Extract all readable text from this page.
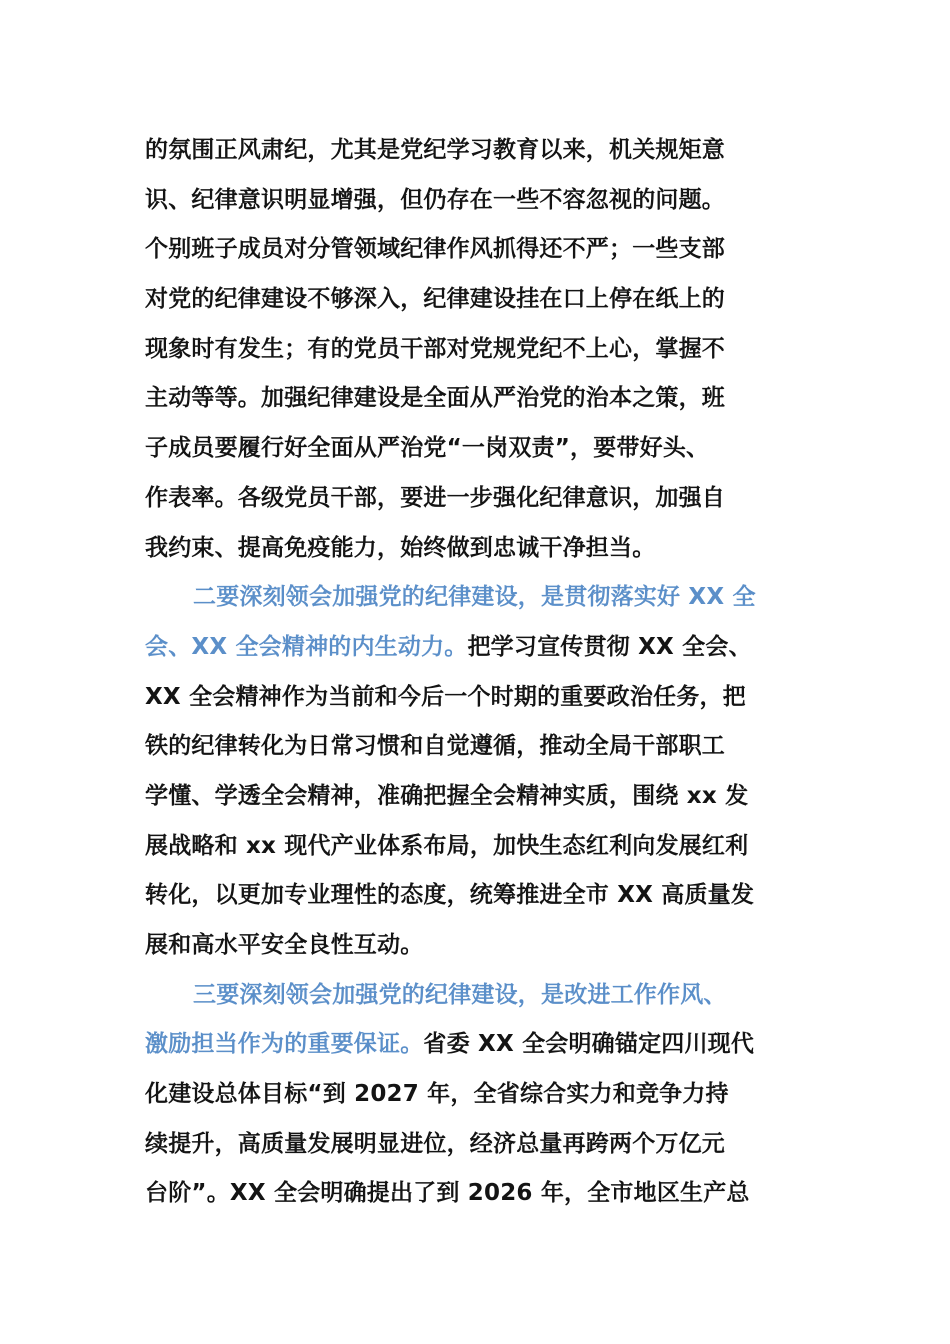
的氛围正风肃纪，尤其是党纪学习教育以来，机关规矩意
识、纪律意识明显增强，但仍存在一些不容忽视的问题。
个别班子成员对分管领域纪律作风抓得还不严；一些支部
对党的纪律建设不够深入，纪律建设挂在口上停在纸上的
现象时有发生；有的党员干部对党规党纪不上心，掌握不
主动等等。加强纪律建设是全面从严治党的治本之策，班
子成员要履行好全面从严治党“一岗双责”，要带好头、
作表率。各级党员干部，要进一步强化纪律意识，加强自
我约束、提高免疫能力，始终做到忠诚干净担当。
二要深刻领会加强党的纪律建设，是贯彻落实好 XX 全
会、XX 全会精神的内生动力。把学习宣传贯彻 XX 全会、
XX 全会精神作为当前和今后一个时期的重要政治任务，把
铁的纪律转化为日常习惯和自觉遵循，推动全局干部职工
学懂、学透全会精神，准确把握全会精神实质，围绕 xx 发
展战略和 xx 现代产业体系布局，加快生态红利向发展红利
转化，以更加专业理性的态度，统筹推进全市 XX 高质量发
展和高水平安全良性互动。
三要深刻领会加强党的纪律建设，是改进工作作风、
激励担当作为的重要保证。省委 XX 全会明确锚定四川现代
化建设总体目标“到 2027 年，全省综合实力和竞争力持
续提升，高质量发展明显进位，经济总量再跨两个万亿元
台阶”。XX 全会明确提出了到 2026 年，全市地区生产总
